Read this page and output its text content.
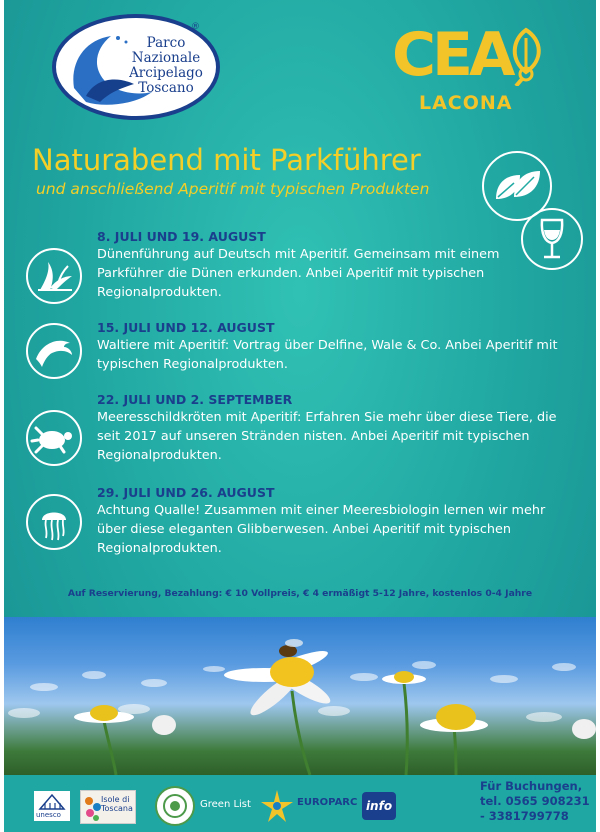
Parco
Nazionale
Arcipelago
Toscano
®	CEA
LACONA
Naturabend mit Parkführer
und anschließend Aperitif mit typischen Produkten
8. JULI UND 19. AUGUST
Dünenführung auf Deutsch mit Aperitif. Gemeinsam mit einem Parkführer die Dünen erkunden. Anbei Aperitif mit typischen Regionalprodukten.
15. JULI UND 12. AUGUST
Waltiere mit Aperitif: Vortrag über Delfine, Wale & Co. Anbei Aperitif mit typischen Regionalprodukten.
22. JULI UND 2. SEPTEMBER
Meeresschildkröten mit Aperitif: Erfahren Sie mehr über diese Tiere, die seit 2017 auf unseren Stränden nisten. Anbei Aperitif mit typischen Regionalprodukten.
29. JULI UND 26. AUGUST
Achtung Qualle! Zusammen mit einer Meeresbiologin lernen wir mehr über diese eleganten Glibberwesen. Anbei Aperitif mit typischen Regionalprodukten.
Auf Reservierung, Bezahlung: € 10 Vollpreis, € 4 ermäßigt 5-12 Jahre, kostenlos 0-4 Jahre
unesco
Isole di Toscana	Green List	EUROPARC info
Für Buchungen,
tel. 0565 908231
- 3381799778
